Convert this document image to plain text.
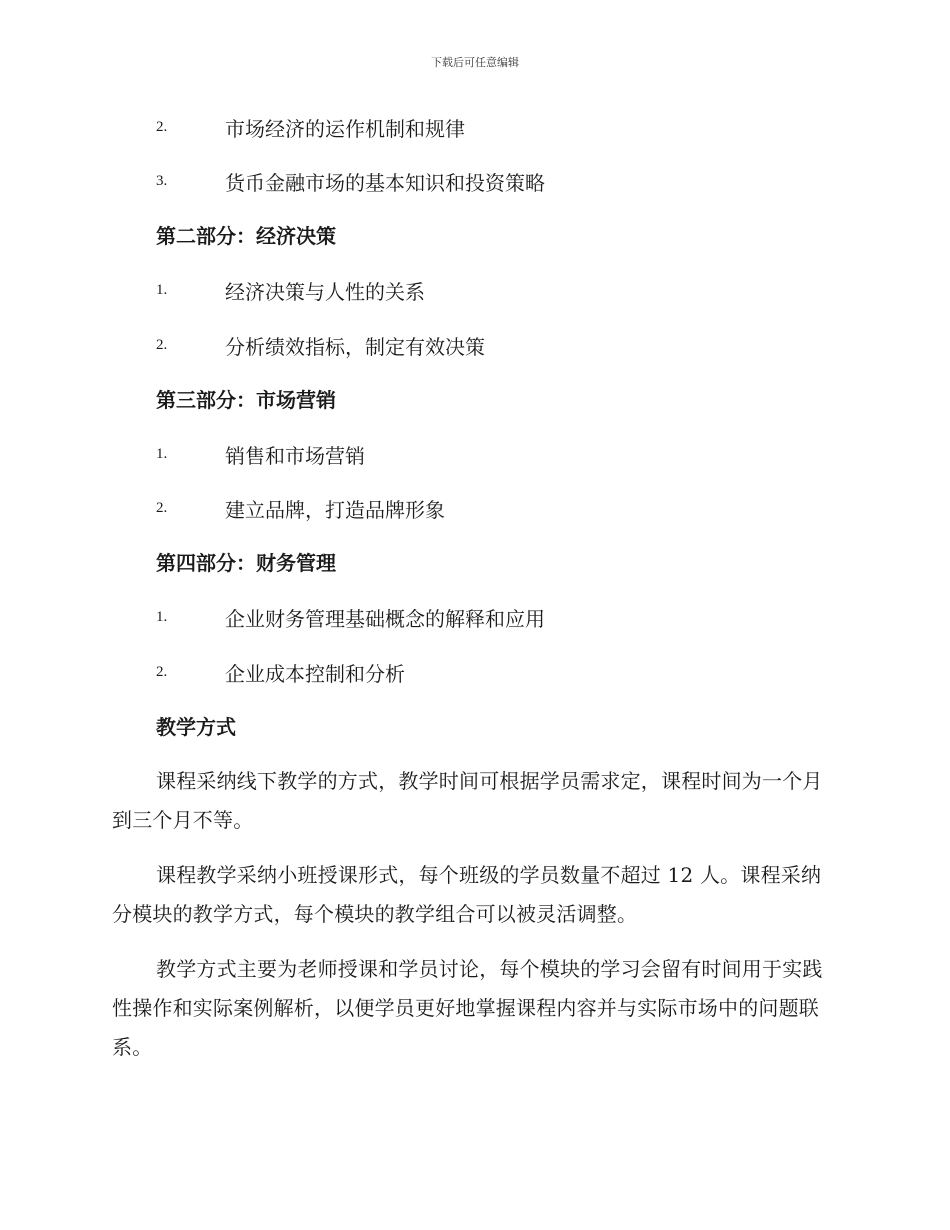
下载后可任意编辑
2.	市场经济的运作机制和规律
3.	货币金融市场的基本知识和投资策略
第二部分：经济决策
1.	经济决策与人性的关系
2.	分析绩效指标，制定有效决策
第三部分：市场营销
1.	销售和市场营销
2.	建立品牌，打造品牌形象
第四部分：财务管理
1.	企业财务管理基础概念的解释和应用
2.	企业成本控制和分析
教学方式

课程采纳线下教学的方式，教学时间可根据学员需求定，课程时间为一个月到三个月不等。

课程教学采纳小班授课形式，每个班级的学员数量不超过 12 人。课程采纳分模块的教学方式，每个模块的教学组合可以被灵活调整。

教学方式主要为老师授课和学员讨论，每个模块的学习会留有时间用于实践性操作和实际案例解析，以便学员更好地掌握课程内容并与实际市场中的问题联系。
